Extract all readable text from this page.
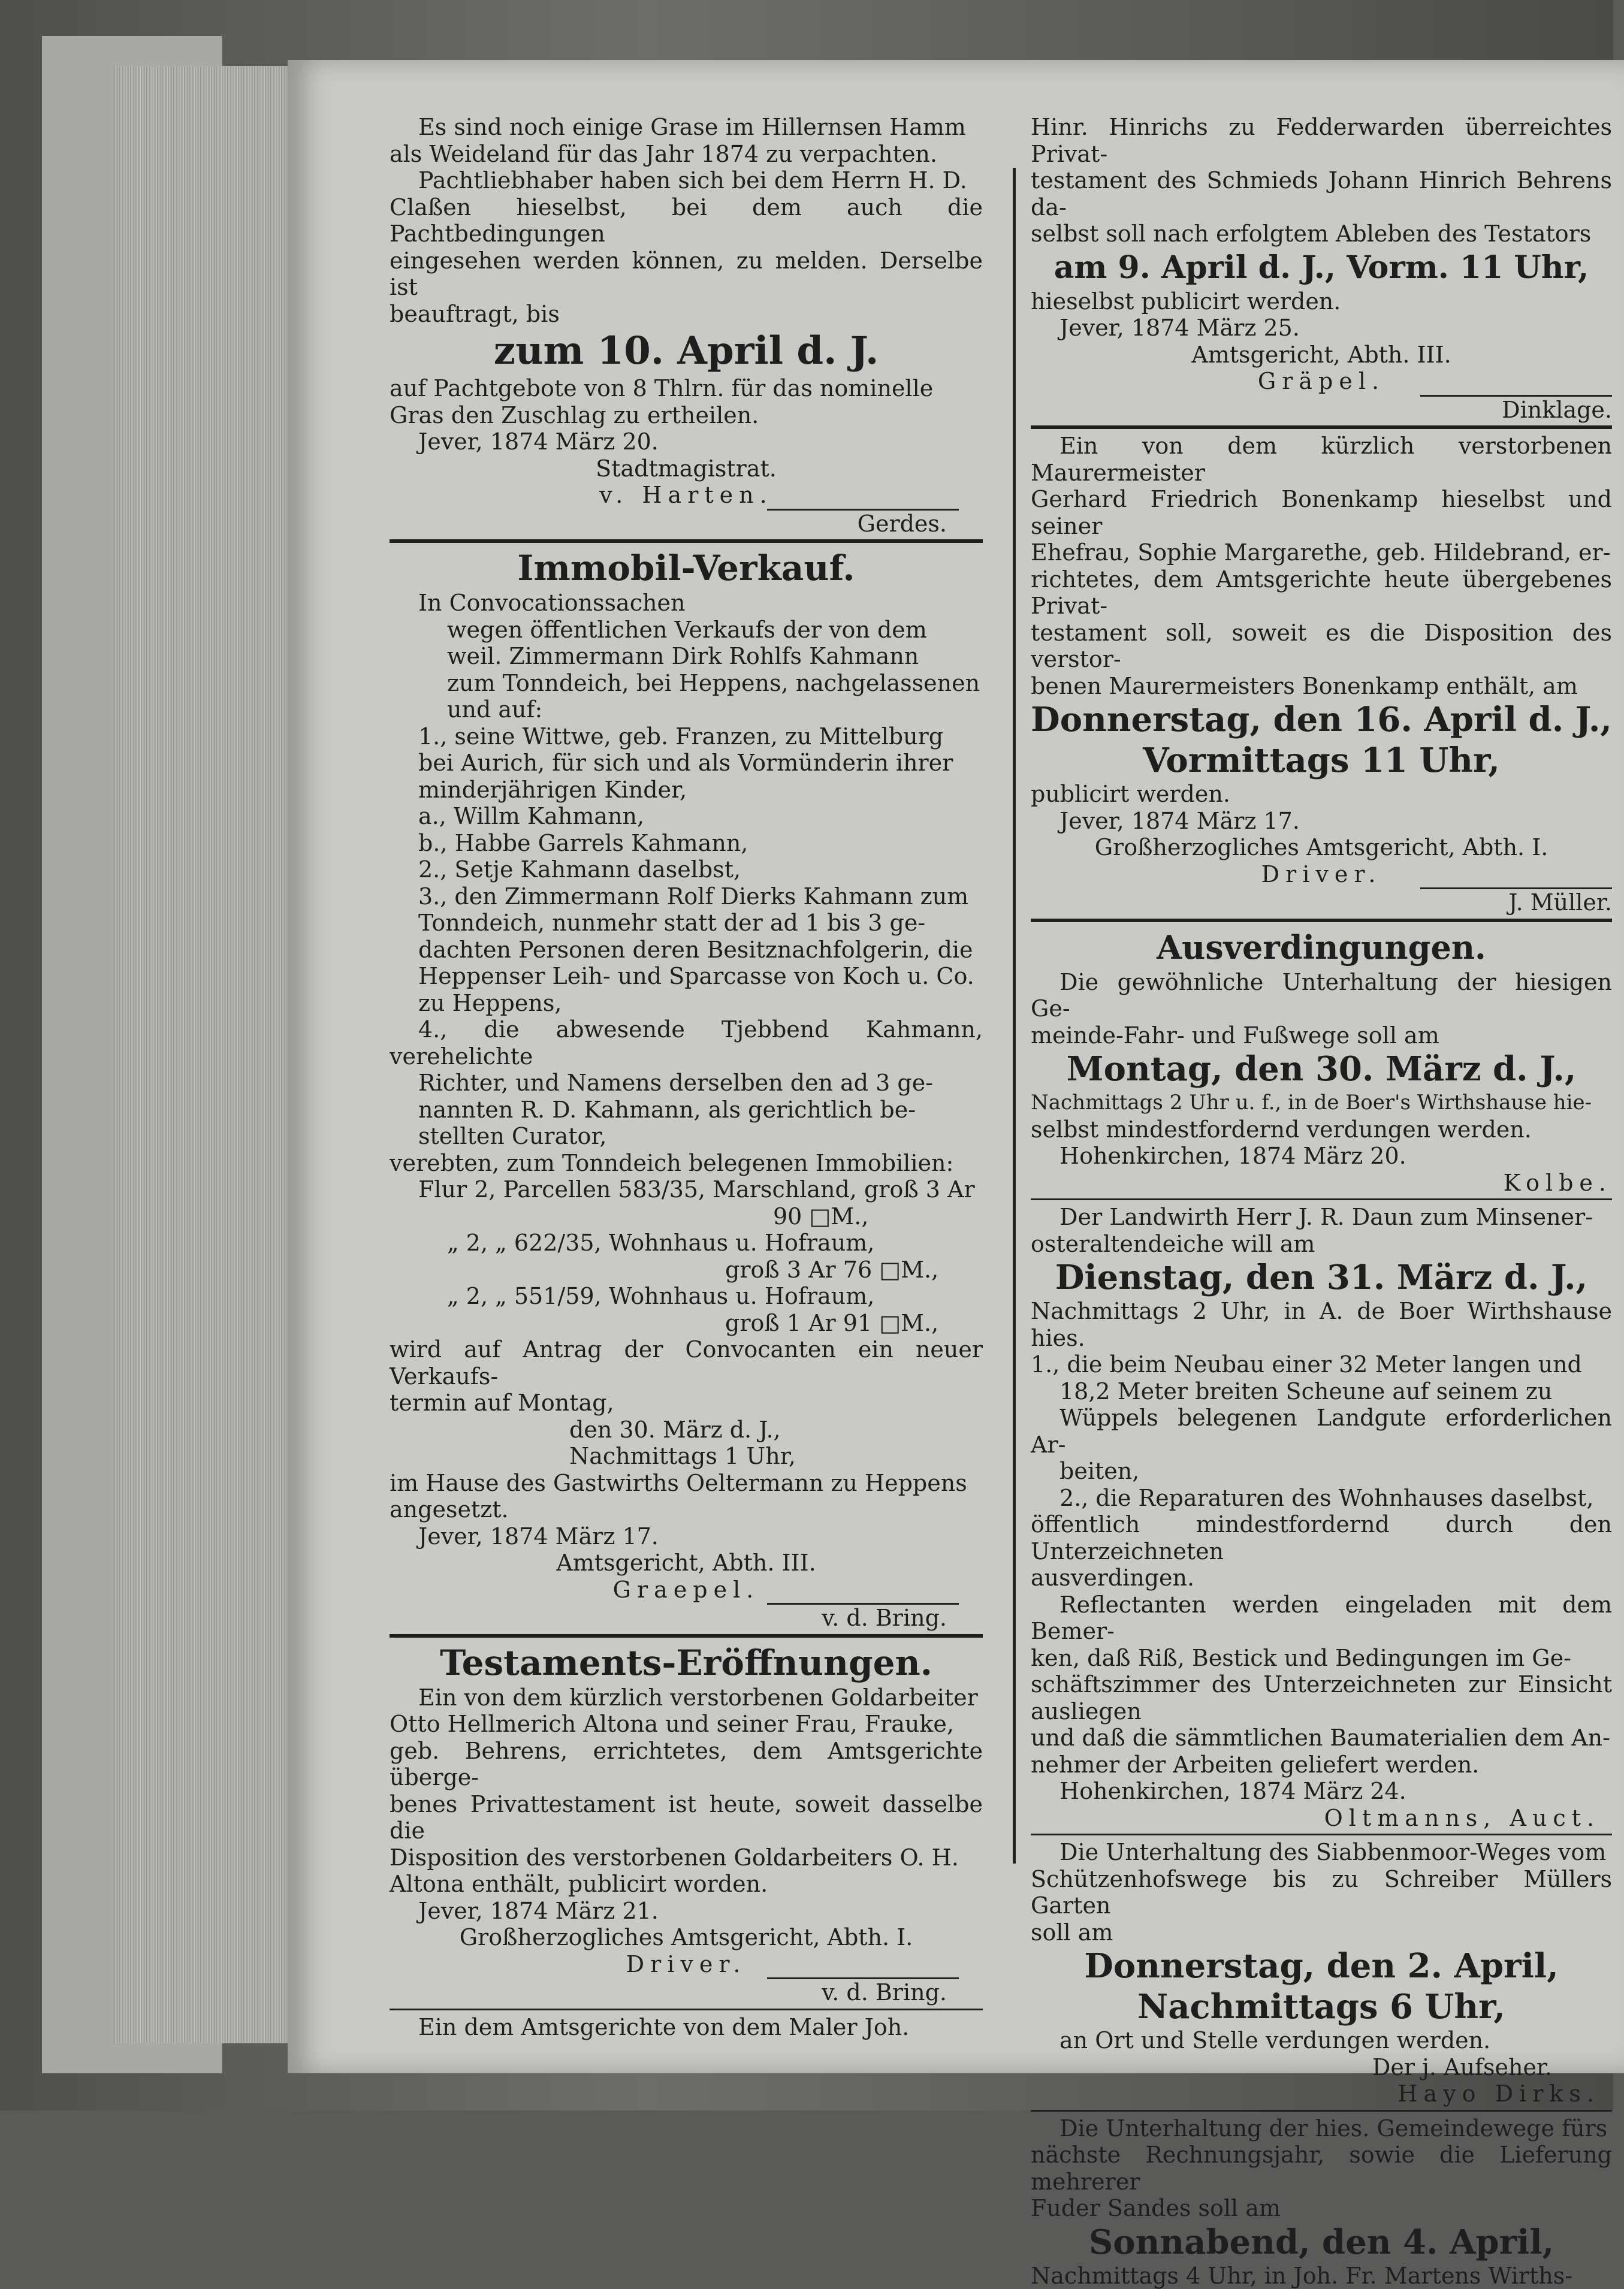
Es sind noch einige Grase im Hillernsen Hamm

als Weideland für das Jahr 1874 zu verpachten.

Pachtliebhaber haben sich bei dem Herrn H. D.

Claßen hieselbst, bei dem auch die Pachtbedingungen

eingesehen werden können, zu melden. Derselbe ist

beauftragt, bis

zum 10. April d. J.

auf Pachtgebote von 8 Thlrn. für das nominelle

Gras den Zuschlag zu ertheilen.

Jever, 1874 März 20.

Stadtmagistrat.

v. Harten.

Gerdes.

Immobil-Verkauf.

In Convocationssachen

wegen öffentlichen Verkaufs der von dem

weil. Zimmermann Dirk Rohlfs Kahmann

zum Tonndeich, bei Heppens, nachgelassenen

und auf:

1., seine Wittwe, geb. Franzen, zu Mittelburg

bei Aurich, für sich und als Vormünderin ihrer

minderjährigen Kinder,

a., Willm Kahmann,

b., Habbe Garrels Kahmann,

2., Setje Kahmann daselbst,

3., den Zimmermann Rolf Dierks Kahmann zum

Tonndeich, nunmehr statt der ad 1 bis 3 ge-

dachten Personen deren Besitznachfolgerin, die

Heppenser Leih- und Sparcasse von Koch u. Co.

zu Heppens,

4., die abwesende Tjebbend Kahmann, verehelichte

Richter, und Namens derselben den ad 3 ge-

nannten R. D. Kahmann, als gerichtlich be-

stellten Curator,

verebten, zum Tonndeich belegenen Immobilien:

Flur 2, Parcellen 583/35, Marschland, groß 3 Ar

90 □M.,

„ 2, „ 622/35, Wohnhaus u. Hofraum,

groß 3 Ar 76 □M.,

„ 2, „ 551/59, Wohnhaus u. Hofraum,

groß 1 Ar 91 □M.,

wird auf Antrag der Convocanten ein neuer Verkaufs-

termin auf Montag,

den 30. März d. J.,

Nachmittags 1 Uhr,

im Hause des Gastwirths Oeltermann zu Heppens

angesetzt.

Jever, 1874 März 17.

Amtsgericht, Abth. III.

Graepel.

v. d. Bring.

Testaments-Eröffnungen.

Ein von dem kürzlich verstorbenen Goldarbeiter

Otto Hellmerich Altona und seiner Frau, Frauke,

geb. Behrens, errichtetes, dem Amtsgerichte überge-

benes Privattestament ist heute, soweit dasselbe die

Disposition des verstorbenen Goldarbeiters O. H.

Altona enthält, publicirt worden.

Jever, 1874 März 21.

Großherzogliches Amtsgericht, Abth. I.

Driver.

v. d. Bring.

Ein dem Amtsgerichte von dem Maler Joh.

Hinr. Hinrichs zu Fedderwarden überreichtes Privat-

testament des Schmieds Johann Hinrich Behrens da-

selbst soll nach erfolgtem Ableben des Testators

am 9. April d. J., Vorm. 11 Uhr,

hieselbst publicirt werden.

Jever, 1874 März 25.

Amtsgericht, Abth. III.

Gräpel.

Dinklage.

Ein von dem kürzlich verstorbenen Maurermeister

Gerhard Friedrich Bonenkamp hieselbst und seiner

Ehefrau, Sophie Margarethe, geb. Hildebrand, er-

richtetes, dem Amtsgerichte heute übergebenes Privat-

testament soll, soweit es die Disposition des verstor-

benen Maurermeisters Bonenkamp enthält, am

Donnerstag, den 16. April d. J.,

Vormittags 11 Uhr,

publicirt werden.

Jever, 1874 März 17.

Großherzogliches Amtsgericht, Abth. I.

Driver.

J. Müller.

Ausverdingungen.

Die gewöhnliche Unterhaltung der hiesigen Ge-

meinde-Fahr- und Fußwege soll am

Montag, den 30. März d. J.,

Nachmittags 2 Uhr u. f., in de Boer's Wirthshause hie-

selbst mindestfordernd verdungen werden.

Hohenkirchen, 1874 März 20.

Kolbe.

Der Landwirth Herr J. R. Daun zum Minsener-

osteraltendeiche will am

Dienstag, den 31. März d. J.,

Nachmittags 2 Uhr, in A. de Boer Wirthshause hies.

1., die beim Neubau einer 32 Meter langen und

18,2 Meter breiten Scheune auf seinem zu

Wüppels belegenen Landgute erforderlichen Ar-

beiten,

2., die Reparaturen des Wohnhauses daselbst,

öffentlich mindestfordernd durch den Unterzeichneten

ausverdingen.

Reflectanten werden eingeladen mit dem Bemer-

ken, daß Riß, Bestick und Bedingungen im Ge-

schäftszimmer des Unterzeichneten zur Einsicht ausliegen

und daß die sämmtlichen Baumaterialien dem An-

nehmer der Arbeiten geliefert werden.

Hohenkirchen, 1874 März 24.

Oltmanns, Auct.

Die Unterhaltung des Siabbenmoor-Weges vom

Schützenhofswege bis zu Schreiber Müllers Garten

soll am

Donnerstag, den 2. April,

Nachmittags 6 Uhr,

an Ort und Stelle verdungen werden.

Der j. Aufseher.

Hayo Dirks.

Die Unterhaltung der hies. Gemeindewege fürs

nächste Rechnungsjahr, sowie die Lieferung mehrerer

Fuder Sandes soll am

Sonnabend, den 4. April,

Nachmittags 4 Uhr, in Joh. Fr. Martens Wirths-
